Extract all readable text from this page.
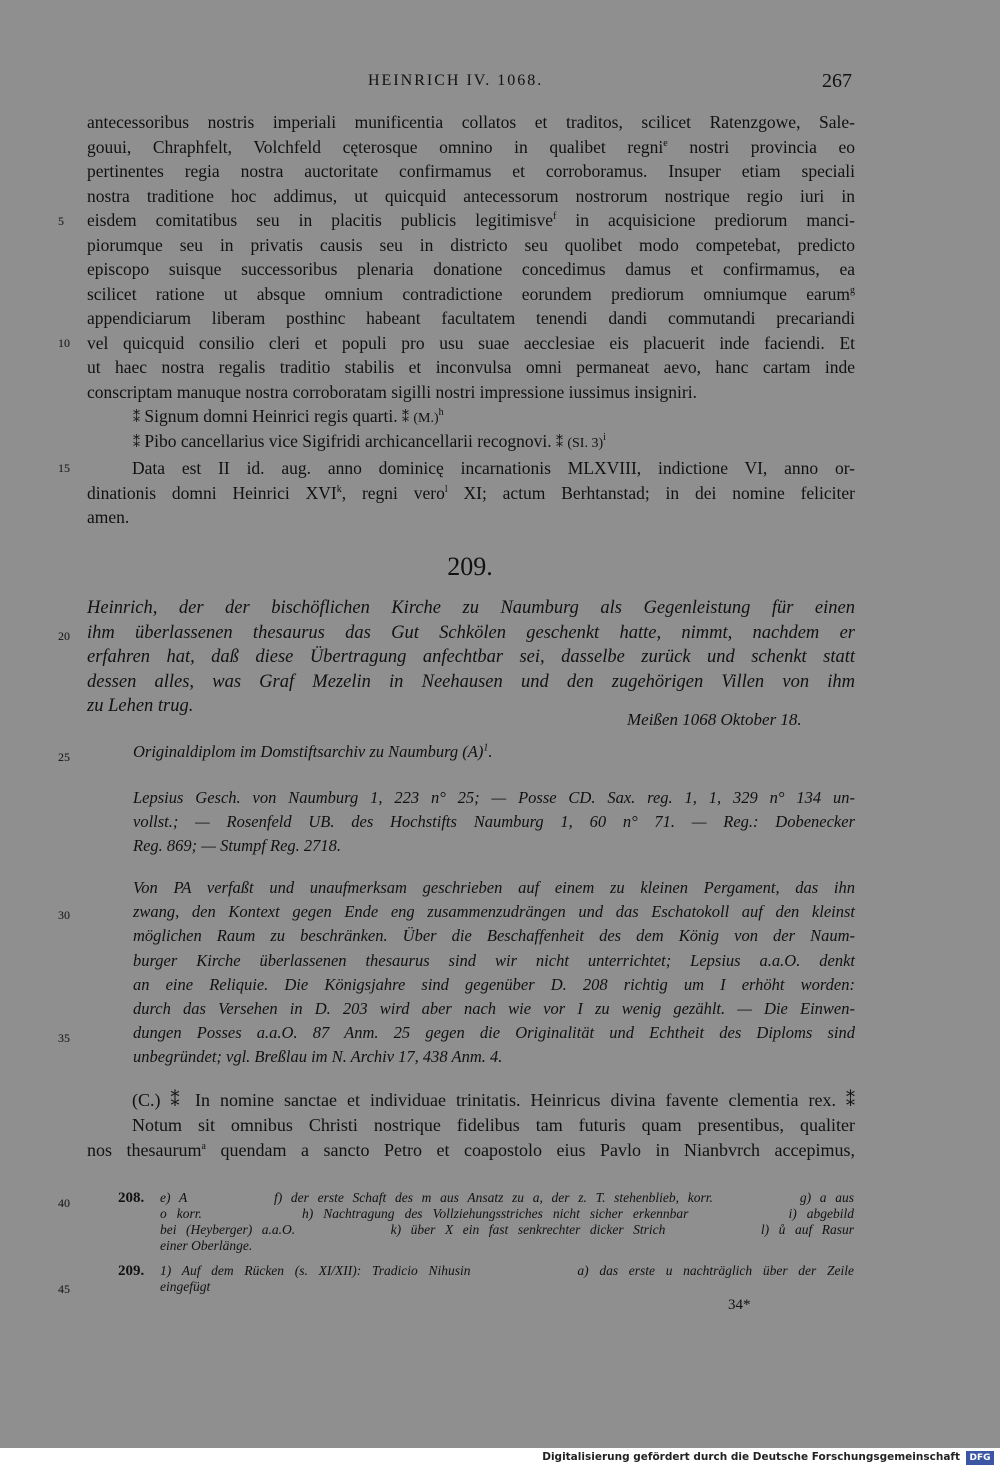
HEINRICH IV. 1068.	267
5
10
15
20
25
30
35
40
45
antecessoribus nostris imperiali munificentia collatos et traditos, scilicet Ratenzgowe, Sale-
gouui, Chraphfelt, Volchfeld cęterosque omnino in qualibet regni$^e$ nostri provincia eo
pertinentes regia nostra auctoritate confirmamus et corroboramus. Insuper etiam speciali
nostra traditione hoc addimus, ut quicquid antecessorum nostrorum nostrique regio iuri in
eisdem comitatibus seu in placitis publicis legitimisve$^f$ in acquisicione prediorum manci-
piorumque seu in privatis causis seu in districto seu quolibet modo competebat, predicto
episcopo suisque successoribus plenaria donatione concedimus damus et confirmamus, ea
scilicet ratione ut absque omnium contradictione eorundem prediorum omniumque earum$^g$
appendiciarum liberam posthinc habeant facultatem tenendi dandi commutandi precariandi
vel quicquid consilio cleri et populi pro usu suae aecclesiae eis placuerit inde faciendi. Et
ut haec nostra regalis traditio stabilis et inconvulsa omni permaneat aevo, hanc cartam inde
conscriptam manuque nostra corroboratam sigilli nostri impressione iussimus insigniri.
⁑ Signum domni Heinrici regis quarti. ⁑ $(M.)^h$
⁑ Pibo cancellarius vice Sigifridi archicancellarii recognovi. ⁑ (SI. 3)$^i$
Data est II id. aug. anno dominicę incarnationis MLXVIII, indictione VI, anno or-
dinationis domni Heinrici XVI$^k$, regni vero$^l$ XI; actum Berhtanstad; in dei nomine feliciter
amen.
209.
Heinrich, der der bischöflichen Kirche zu Naumburg als Gegenleistung für einen
ihm überlassenen thesaurus das Gut Schkölen geschenkt hatte, nimmt, nachdem er
erfahren hat, daß diese Übertragung anfechtbar sei, dasselbe zurück und schenkt statt
dessen alles, was Graf Mezelin in Neehausen und den zugehörigen Villen von ihm
zu Lehen trug.
Meißen 1068 Oktober 18.
Originaldiplom im Domstiftsarchiv zu Naumburg $(A)^1$.
Lepsius Gesch. von Naumburg 1, 223 n° 25; — Posse CD. Sax. reg. 1, 1, 329 n° 134 un-
vollst.; — Rosenfeld UB. des Hochstifts Naumburg 1, 60 n° 71. — Reg.: Dobenecker
Reg. 869; — Stumpf Reg. 2718.
Von PA verfaßt und unaufmerksam geschrieben auf einem zu kleinen Pergament, das ihn
zwang, den Kontext gegen Ende eng zusammenzudrängen und das Eschatokoll auf den kleinst
möglichen Raum zu beschränken. Über die Beschaffenheit des dem König von der Naum-
burger Kirche überlassenen thesaurus sind wir nicht unterrichtet; Lepsius a.a.O. denkt
an eine Reliquie. Die Königsjahre sind gegenüber D. 208 richtig um I erhöht worden:
durch das Versehen in D. 203 wird aber nach wie vor I zu wenig gezählt. — Die Einwen-
dungen Posses a.a.O. 87 Anm. 25 gegen die Originalität und Echtheit des Diploms sind
unbegründet; vgl. Breßlau im N. Archiv 17, 438 Anm. 4.
(C.) ⁑ In nomine sanctae et individuae trinitatis. Heinricus divina favente clementia rex. ⁑
Notum sit omnibus Christi nostrique fidelibus tam futuris quam presentibus, qualiter
nos thesaurum$^a$ quendam a sancto Petro et coapostolo eius Pavlo in Nianbvrch accepimus,
208. e) A          f) der erste Schaft des m aus Ansatz zu a, der z. T. stehenblieb, korr.          g) a aus
o korr.          h) Nachtragung des Vollziehungsstriches nicht sicher erkennbar          i) abgebild
bei (Heyberger) a.a.O.          k) über X ein fast senkrechter dicker Strich          l) ů auf Rasur
einer Oberlänge.
209. 1) Auf dem Rücken (s. XI/XII): Tradicio Nihusin          a) das erste u nachträglich über der Zeile
eingefügt
34*
Digitalisierung gefördert durch die Deutsche Forschungsgemeinschaft	DFG
